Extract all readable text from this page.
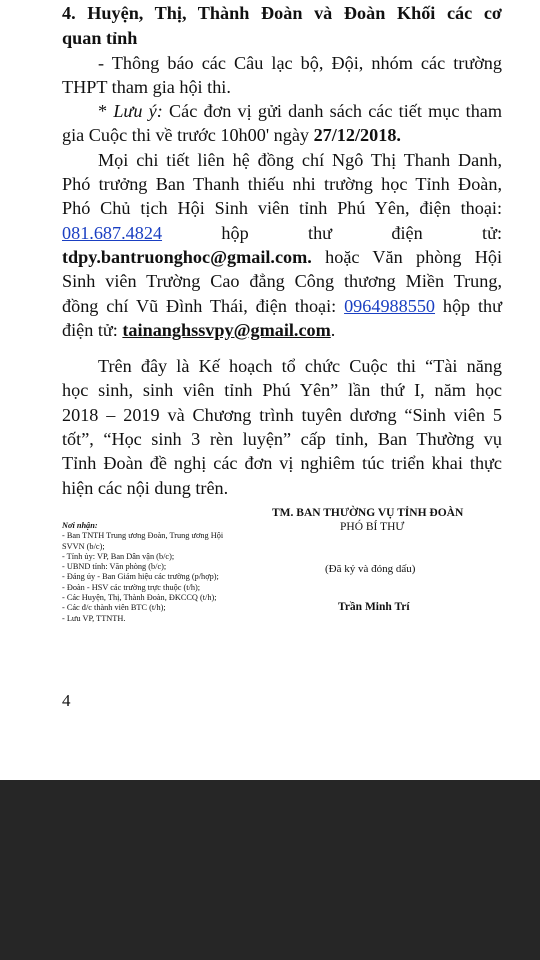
4. Huyện, Thị, Thành Đoàn và Đoàn Khối các cơ

quan tỉnh

- Thông báo các Câu lạc bộ, Đội, nhóm các trường

THPT tham gia hội thi.

* Lưu ý: Các đơn vị gửi danh sách các tiết mục tham

gia Cuộc thi về trước 10h00' ngày 27/12/2018.

Mọi chi tiết liên hệ đồng chí Ngô Thị Thanh Danh,

Phó trưởng Ban Thanh thiếu nhi trường học Tỉnh Đoàn,

Phó Chủ tịch Hội Sinh viên tỉnh Phú Yên, điện thoại:

081.687.4824	hộp thư điện tử:

tdpy.bantruonghoc@gmail.com. hoặc Văn phòng Hội

Sinh viên Trường Cao đẳng Công thương Miền Trung,

đồng chí Vũ Đình Thái, điện thoại: 0964988550 hộp thư

điện tử: tainanghssvpy@gmail.com.

Trên đây là Kế hoạch tổ chức Cuộc thi “Tài năng

học sinh, sinh viên tỉnh Phú Yên” lần thứ I, năm học

2018 – 2019 và Chương trình tuyên dương “Sinh viên 5

tốt”, “Học sinh 3 rèn luyện” cấp tỉnh, Ban Thường vụ

Tỉnh Đoàn đề nghị các đơn vị nghiêm túc triển khai thực

hiện các nội dung trên.

TM. BAN THƯỜNG VỤ TỈNH ĐOÀN
PHÓ BÍ THƯ
(Đã ký và đóng dấu)
Trần Minh Trí
Nơi nhận:
- Ban TNTH Trung ương Đoàn, Trung ương Hội
SVVN (b/c);
- Tỉnh ủy: VP, Ban Dân vận (b/c);
- UBND tỉnh: Văn phòng (b/c);
- Đảng ủy - Ban Giám hiệu các trường (p/hợp);
- Đoàn - HSV các trường trực thuộc (t/h);
- Các Huyện, Thị, Thành Đoàn, ĐKCCQ (t/h);
- Các đ/c thành viên BTC (t/h);
- Lưu VP, TTNTH.
4
